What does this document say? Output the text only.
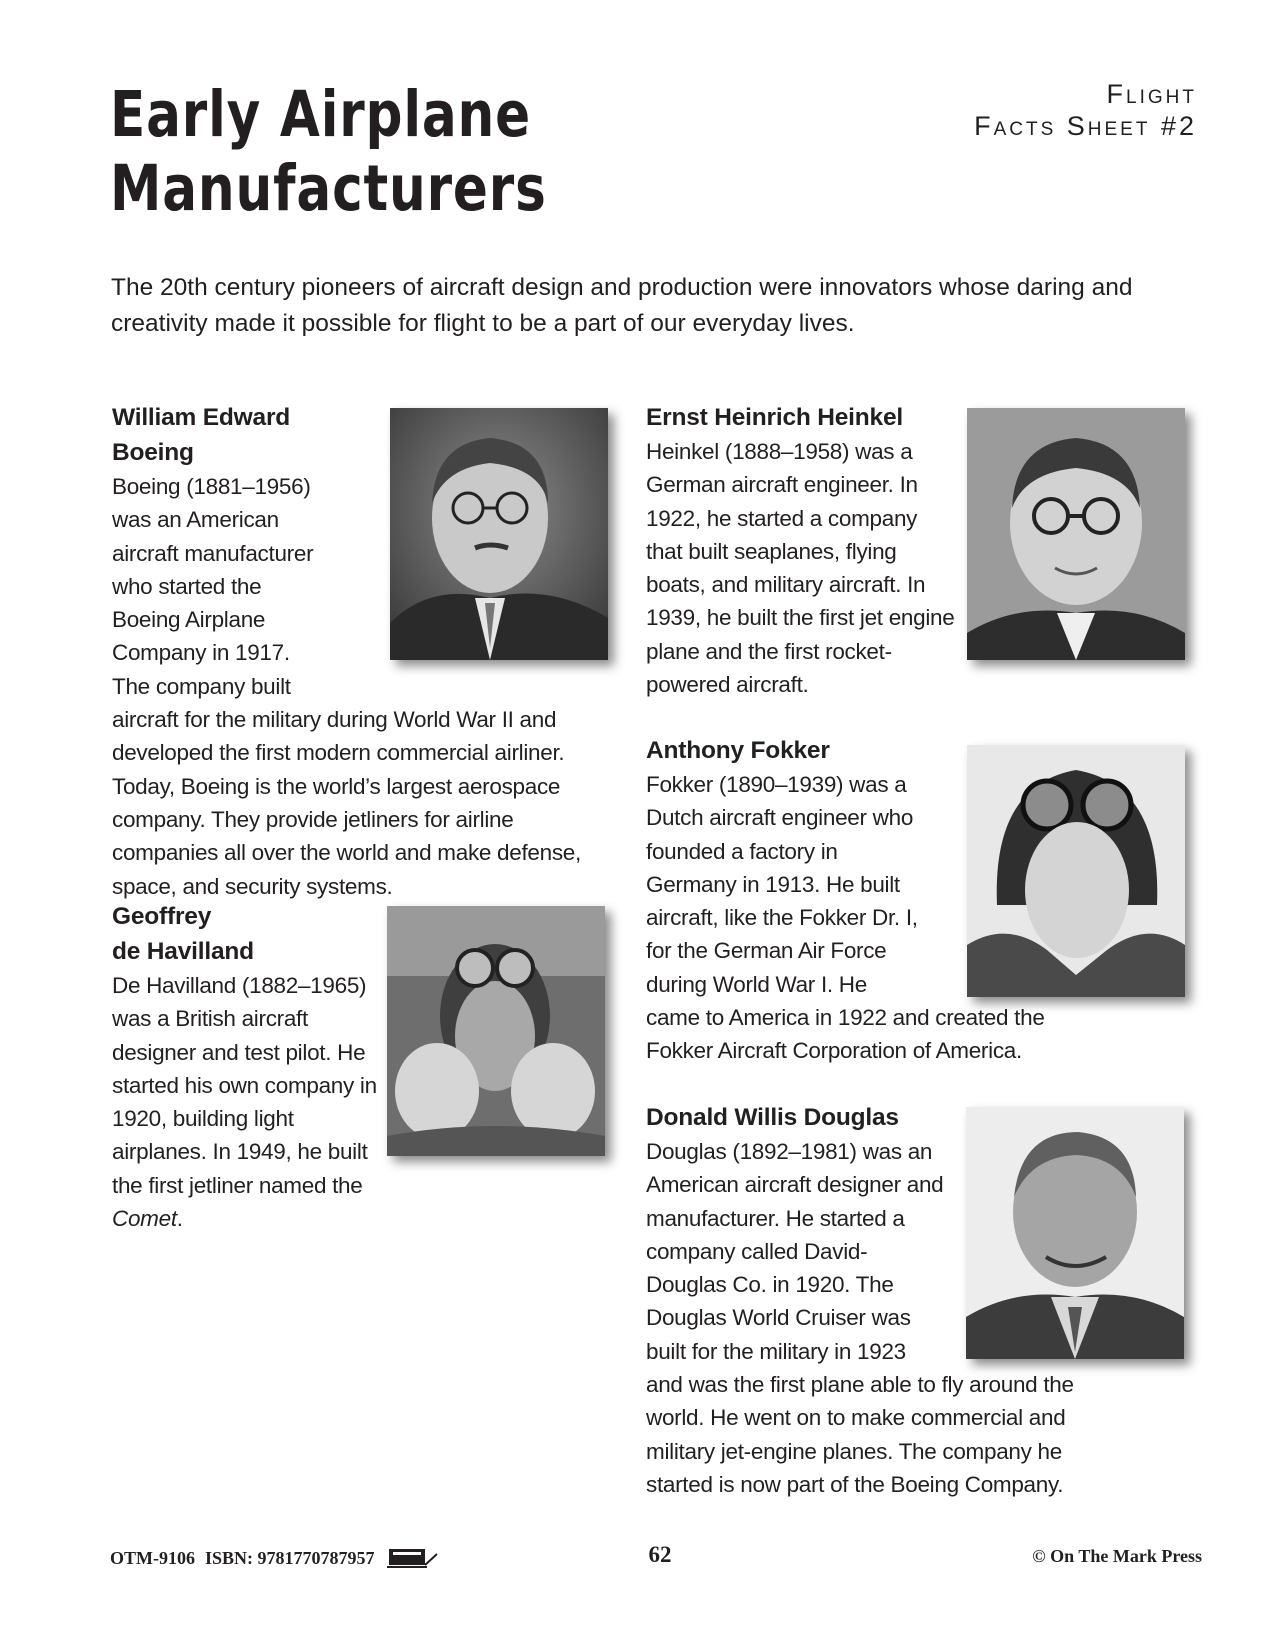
Early Airplane
Manufacturers
Flight
Facts Sheet #2

The 20th century pioneers of aircraft design and production were innovators whose daring and creativity made it possible for flight to be a part of our everyday lives.

William Edward
Boeing

Boeing (1881–1956) was an American aircraft manufacturer who started the Boeing Airplane Company in 1917. The company built aircraft for the military during World War II and developed the first modern commercial airliner. Today, Boeing is the world’s largest aerospace company. They provide jetliners for airline companies all over the world and make defense, space, and security systems.

Geoffrey
de Havilland

De Havilland (1882–1965) was a British aircraft designer and test pilot. He started his own company in 1920, building light airplanes. In 1949, he built the first jetliner named the Comet.

Ernst Heinrich Heinkel

Heinkel (1888–1958) was a German aircraft engineer. In 1922, he started a company that built seaplanes, flying boats, and military aircraft. In 1939, he built the first jet engine plane and the first rocket-powered aircraft.

Anthony Fokker

Fokker (1890–1939) was a Dutch aircraft engineer who founded a factory in Germany in 1913. He built aircraft, like the Fokker Dr. I, for the German Air Force during World War I. He came to America in 1922 and created the Fokker Aircraft Corporation of America.

Donald Willis Douglas

Douglas (1892–1981) was an American aircraft designer and manufacturer. He started a company called David-Douglas Co. in 1920. The Douglas World Cruiser was built for the military in 1923 and was the first plane able to fly around the world. He went on to make commercial and military jet-engine planes. The company he started is now part of the Boeing Company.

OTM-9106 ISBN: 9781770787957	62	© On The Mark Press
